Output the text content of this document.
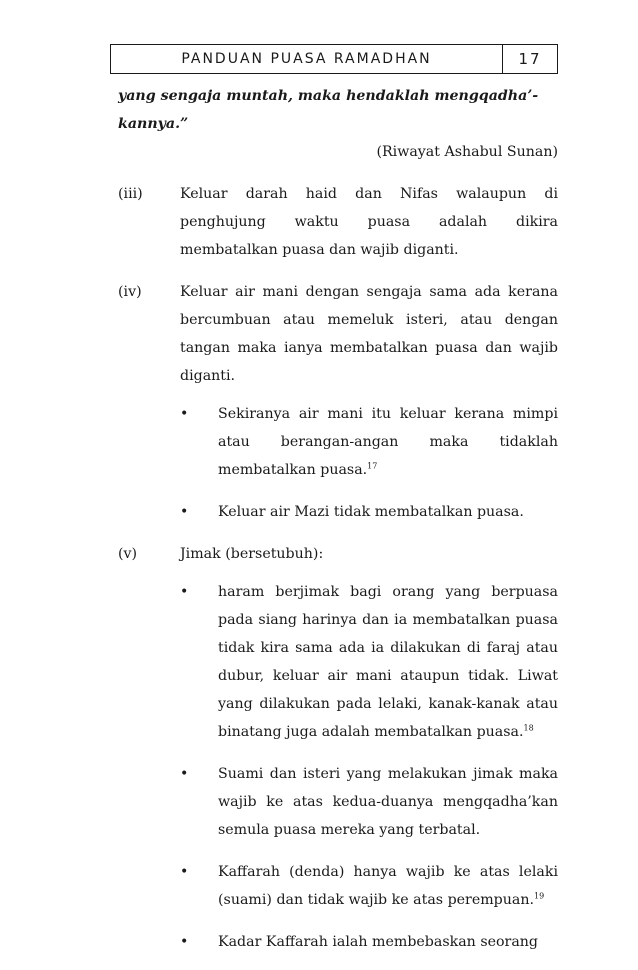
PANDUAN PUASA RAMADHAN	17

yang sengaja muntah, maka hendaklah mengqadha’-
kannya.”

(Riwayat Ashabul Sunan)

(iii)	Keluar darah haid dan Nifas walaupun di penghujung waktu puasa adalah dikira membatalkan puasa dan wajib diganti.
(iv)	Keluar air mani dengan sengaja sama ada kerana bercumbuan atau memeluk isteri, atau dengan tangan maka ianya membatalkan puasa dan wajib diganti.
•	Sekiranya air mani itu keluar kerana mimpi atau berangan-angan maka tidaklah membatalkan puasa.$^{17}$
•	Keluar air Mazi tidak membatalkan puasa.
(v)	Jimak (bersetubuh):
•	haram berjimak bagi orang yang berpuasa pada siang harinya dan ia membatalkan puasa tidak kira sama ada ia dilakukan di faraj atau dubur, keluar air mani ataupun tidak. Liwat yang dilakukan pada lelaki, kanak-kanak atau binatang juga adalah membatalkan puasa.$^{18}$
•	Suami dan isteri yang melakukan jimak maka wajib ke atas kedua-duanya mengqadha’kan semula puasa mereka yang terbatal.
•	Kaffarah (denda) hanya wajib ke atas lelaki (suami) dan tidak wajib ke atas perempuan.$^{19}$
•	Kadar Kaffarah ialah membebaskan seorang
